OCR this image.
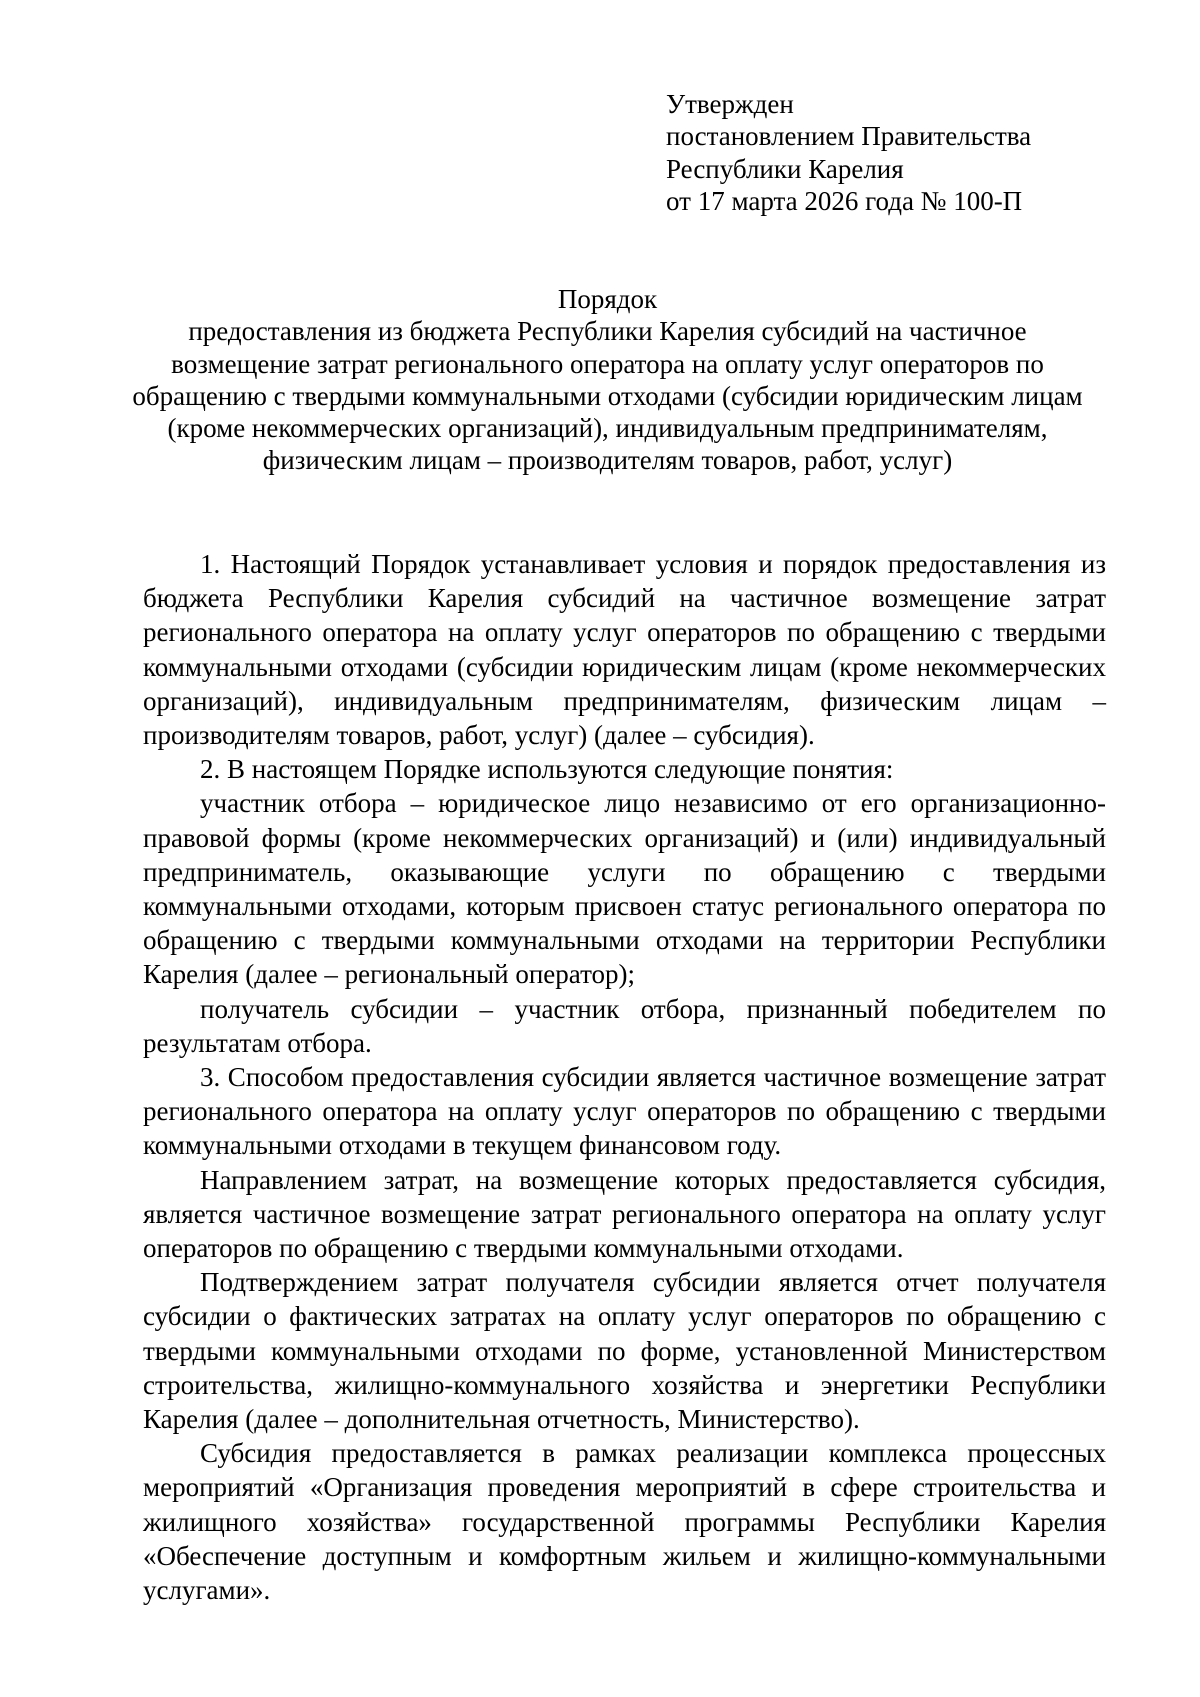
Утвержден
постановлением Правительства
Республики Карелия
от 17 марта 2026 года № 100-П
Порядок
предоставления из бюджета Республики Карелия субсидий на частичное возмещение затрат регионального оператора на оплату услуг операторов по обращению с твердыми коммунальными отходами (субсидии юридическим лицам (кроме некоммерческих организаций), индивидуальным предпринимателям, физическим лицам – производителям товаров, работ, услуг)

1. Настоящий Порядок устанавливает условия и порядок предоставления из бюджета Республики Карелия субсидий на частичное возмещение затрат регионального оператора на оплату услуг операторов по обращению с твердыми коммунальными отходами (субсидии юридическим лицам (кроме некоммерческих организаций), индивидуальным предпринимателям, физическим лицам – производителям товаров, работ, услуг) (далее – субсидия).

2. В настоящем Порядке используются следующие понятия:

участник отбора – юридическое лицо независимо от его организационно-правовой формы (кроме некоммерческих организаций) и (или) индивидуальный предприниматель, оказывающие услуги по обращению с твердыми коммунальными отходами, которым присвоен статус регионального оператора по обращению с твердыми коммунальными отходами на территории Республики Карелия (далее – региональный оператор);

получатель субсидии – участник отбора, признанный победителем по результатам отбора.

3. Способом предоставления субсидии является частичное возмещение затрат регионального оператора на оплату услуг операторов по обращению с твердыми коммунальными отходами в текущем финансовом году.

Направлением затрат, на возмещение которых предоставляется субсидия, является частичное возмещение затрат регионального оператора на оплату услуг операторов по обращению с твердыми коммунальными отходами.

Подтверждением затрат получателя субсидии является отчет получателя субсидии о фактических затратах на оплату услуг операторов по обращению с твердыми коммунальными отходами по форме, установленной Министерством строительства, жилищно-коммунального хозяйства и энергетики Республики Карелия (далее – дополнительная отчетность, Министерство).

Субсидия предоставляется в рамках реализации комплекса процессных мероприятий «Организация проведения мероприятий в сфере строительства и жилищного хозяйства» государственной программы Республики Карелия «Обеспечение доступным и комфортным жильем и жилищно-коммунальными услугами».
